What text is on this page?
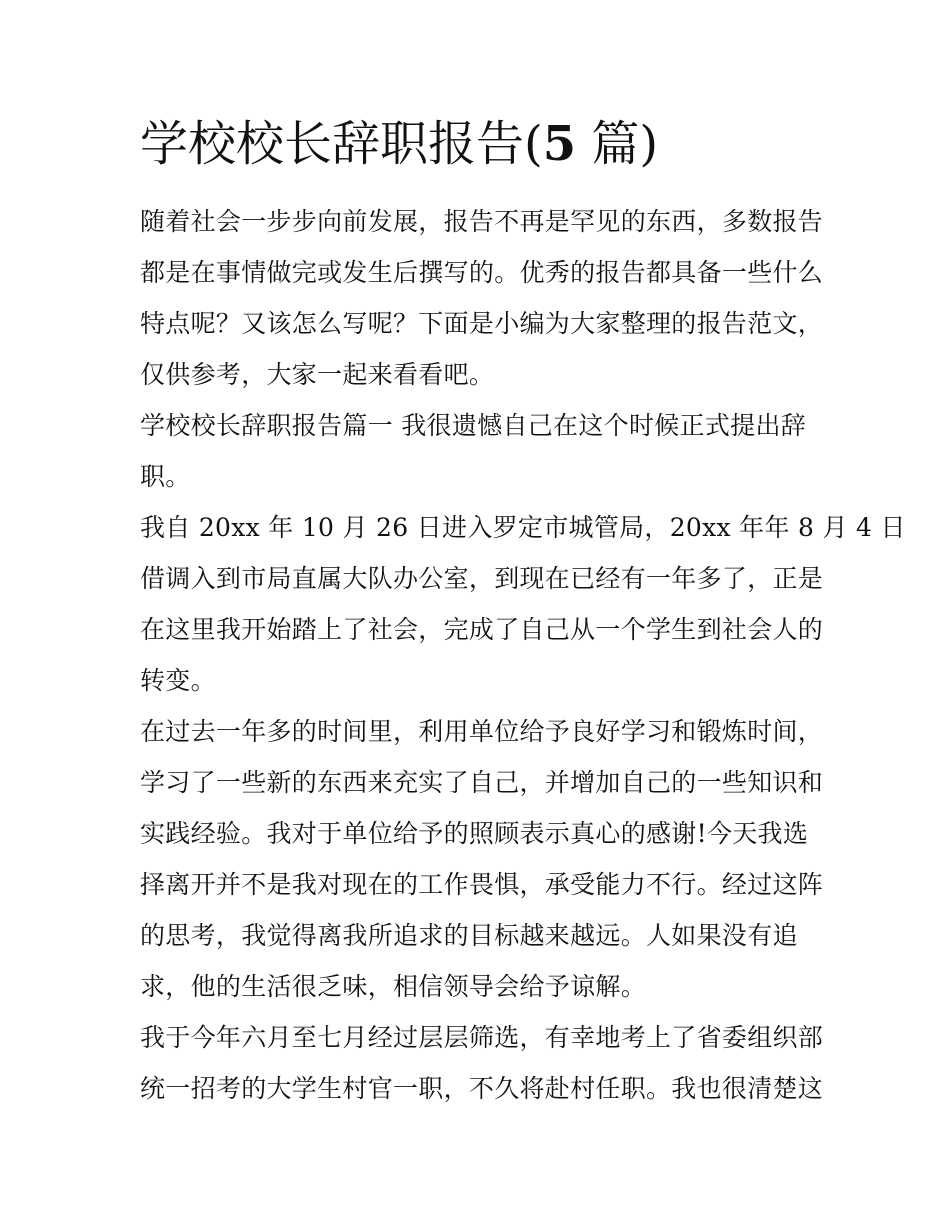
学校校长辞职报告(5 篇)

随着社会一步步向前发展，报告不再是罕见的东西，多数报告

都是在事情做完或发生后撰写的。优秀的报告都具备一些什么

特点呢？又该怎么写呢？下面是小编为大家整理的报告范文，

仅供参考，大家一起来看看吧。

学校校长辞职报告篇一 我很遗憾自己在这个时候正式提出辞

职。

我自 20xx 年 10 月 26 日进入罗定市城管局，20xx 年年 8 月 4 日

借调入到市局直属大队办公室，到现在已经有一年多了，正是

在这里我开始踏上了社会，完成了自己从一个学生到社会人的

转变。

在过去一年多的时间里，利用单位给予良好学习和锻炼时间，

学习了一些新的东西来充实了自己，并增加自己的一些知识和

实践经验。我对于单位给予的照顾表示真心的感谢!今天我选

择离开并不是我对现在的工作畏惧，承受能力不行。经过这阵

的思考，我觉得离我所追求的目标越来越远。人如果没有追

求，他的生活很乏味，相信领导会给予谅解。

我于今年六月至七月经过层层筛选，有幸地考上了省委组织部

统一招考的大学生村官一职，不久将赴村任职。我也很清楚这
